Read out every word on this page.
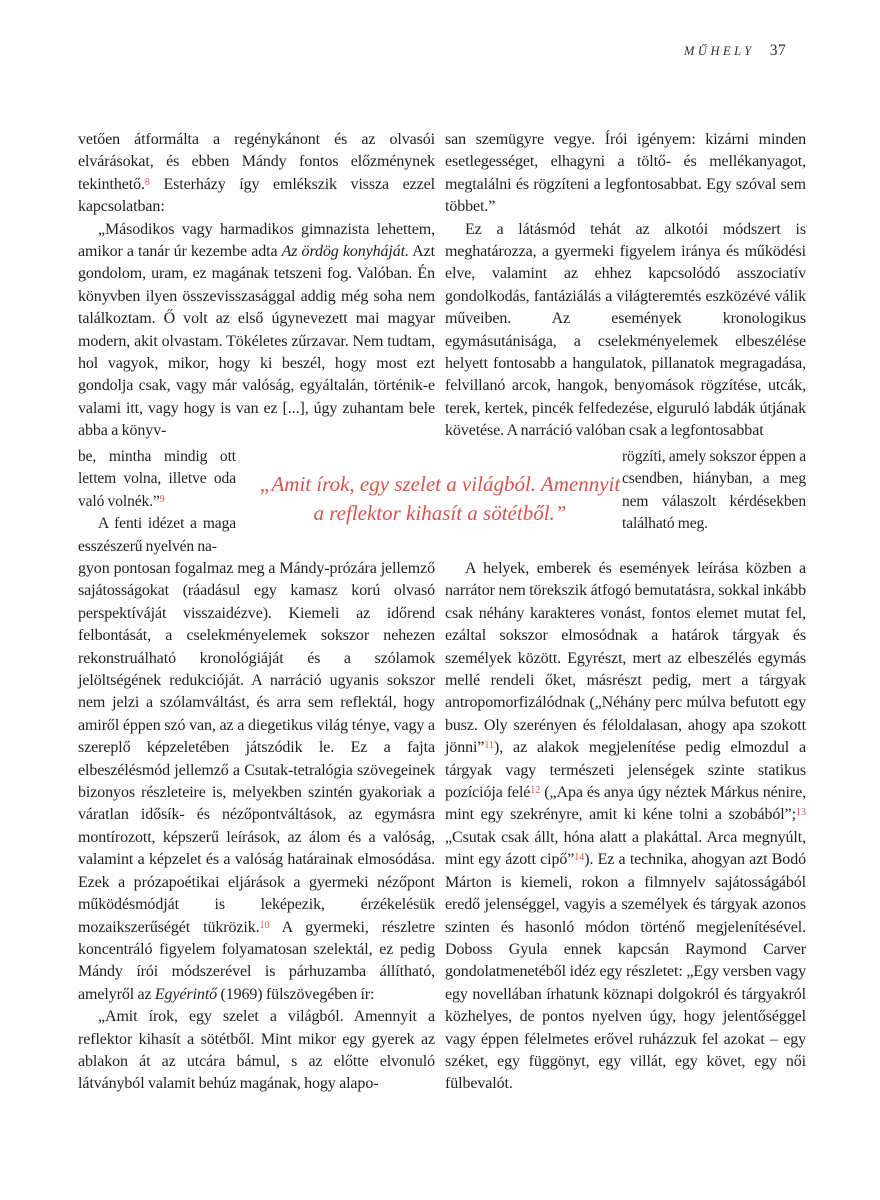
MŰHELY 37

vetően átformálta a regénykánont és az olvasói elvárásokat, és ebben Mándy fontos előzménynek tekinthető.$^8$ Esterházy így emlékszik vissza ezzel kapcsolatban:

„Másodikos vagy harmadikos gimnazista lehettem, amikor a tanár úr kezembe adta Az ördög konyháját. Azt gondolom, uram, ez magának tetszeni fog. Valóban. Én könyvben ilyen összevisszasággal addig még soha nem találkoztam. Ő volt az első úgynevezett mai magyar modern, akit olvastam. Tökéletes zűrzavar. Nem tudtam, hol vagyok, mikor, hogy ki beszél, hogy most ezt gondolja csak, vagy már valóság, egyáltalán, történik-e valami itt, vagy hogy is van ez [...], úgy zuhantam bele abba a könyv-

san szemügyre vegye. Írói igényem: kizárni minden esetlegességet, elhagyni a töltő- és mellékanyagot, megtalálni és rögzíteni a legfontosabbat. Egy szóval sem többet.”

Ez a látásmód tehát az alkotói módszert is meghatározza, a gyermeki figyelem iránya és működési elve, valamint az ehhez kapcsolódó asszociatív gondolkodás, fantáziálás a világteremtés eszközévé válik műveiben. Az események kronologikus egymásutánisága, a cselekményelemek elbeszélése helyett fontosabb a hangulatok, pillanatok megragadása, felvillanó arcok, hangok, benyomások rögzítése, utcák, terek, kertek, pincék felfedezése, elguruló labdák útjának követése. A narráció valóban csak a legfontosabbat

be, mintha mindig ott lettem volna, illetve oda való volnék.”$^9$

A fenti idézet a maga esszészerű nyelvén na-

„Amit írok, egy szelet a világból. Amennyit
a reflektor kihasít a sötétből.”

rögzíti, amely sokszor éppen a csendben, hiányban, a meg nem válaszolt kérdésekben található meg.

gyon pontosan fogalmaz meg a Mándy-prózára jellemző sajátosságokat (ráadásul egy kamasz korú olvasó perspektíváját visszaidézve). Kiemeli az időrend felbontását, a cselekményelemek sokszor nehezen rekonstruálható kronológiáját és a szólamok jelöltségének redukcióját. A narráció ugyanis sokszor nem jelzi a szólamváltást, és arra sem reflektál, hogy amiről éppen szó van, az a diegetikus világ ténye, vagy a szereplő képzeletében játszódik le. Ez a fajta elbeszélésmód jellemző a Csutak-tetralógia szövegeinek bizonyos részleteire is, melyekben szintén gyakoriak a váratlan idősík- és nézőpontváltások, az egymásra montírozott, képszerű leírások, az álom és a valóság, valamint a képzelet és a valóság határainak elmosódása. Ezek a prózapoétikai eljárások a gyermeki nézőpont működésmódját is leképezik, érzékelésük mozaikszerűségét tükrözik.$^{10}$ A gyermeki, részletre koncentráló figyelem folyamatosan szelektál, ez pedig Mándy írói módszerével is párhuzamba állítható, amelyről az Egyérintő (1969) fülszövegében ír:

„Amit írok, egy szelet a világból. Amennyit a reflektor kihasít a sötétből. Mint mikor egy gyerek az ablakon át az utcára bámul, s az előtte elvonuló látványból valamit behúz magának, hogy alapo-

A helyek, emberek és események leírása közben a narrátor nem törekszik átfogó bemutatásra, sokkal inkább csak néhány karakteres vonást, fontos elemet mutat fel, ezáltal sokszor elmosódnak a határok tárgyak és személyek között. Egyrészt, mert az elbeszélés egymás mellé rendeli őket, másrészt pedig, mert a tárgyak antropomorfizálódnak („Néhány perc múlva befutott egy busz. Oly szerényen és féloldalasan, ahogy apa szokott jönni”$^{11}$), az alakok megjelenítése pedig elmozdul a tárgyak vagy természeti jelenségek szinte statikus pozíciója felé$^{12}$ („Apa és anya úgy néztek Márkus nénire, mint egy szekrényre, amit ki kéne tolni a szobából”;$^{13}$ „Csutak csak állt, hóna alatt a plakáttal. Arca megnyúlt, mint egy ázott cipő”$^{14}$). Ez a technika, ahogyan azt Bodó Márton is kiemeli, rokon a filmnyelv sajátosságából eredő jelenséggel, vagyis a személyek és tárgyak azonos szinten és hasonló módon történő megjelenítésével. Doboss Gyula ennek kapcsán Raymond Carver gondolatmenetéből idéz egy részletet: „Egy versben vagy egy novellában írhatunk köznapi dolgokról és tárgyakról közhelyes, de pontos nyelven úgy, hogy jelentőséggel vagy éppen félelmetes erővel ruházzuk fel azokat – egy széket, egy függönyt, egy villát, egy követ, egy női fülbevalót.
